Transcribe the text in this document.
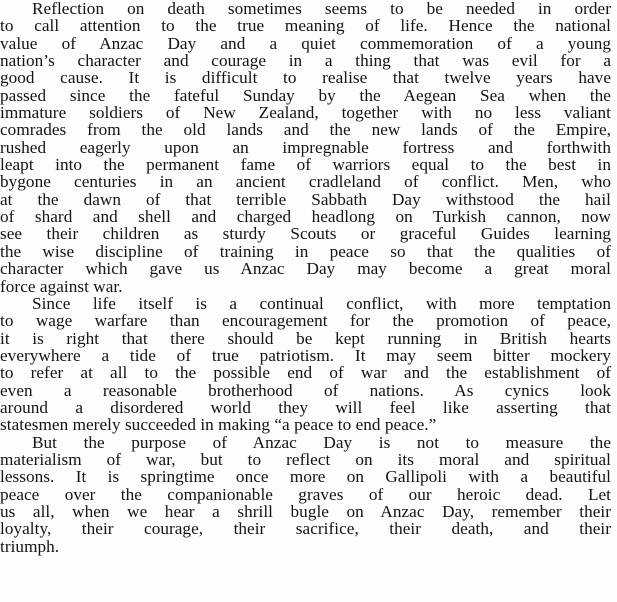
Reflection on death sometimes seems to be needed in order
to call attention to the true meaning of life. Hence the national
value of Anzac Day and a quiet commemoration of a young
nation’s character and courage in a thing that was evil for a
good cause. It is difficult to realise that twelve years have
passed since the fateful Sunday by the Aegean Sea when the
immature soldiers of New Zealand, together with no less valiant
comrades from the old lands and the new lands of the Empire,
rushed eagerly upon an impregnable fortress and forthwith
leapt into the permanent fame of warriors equal to the best in
bygone centuries in an ancient cradleland of conflict. Men, who
at the dawn of that terrible Sabbath Day withstood the hail
of shard and shell and charged headlong on Turkish cannon, now
see their children as sturdy Scouts or graceful Guides learning
the wise discipline of training in peace so that the qualities of
character which gave us Anzac Day may become a great moral
force against war.

Since life itself is a continual conflict, with more temptation
to wage warfare than encouragement for the promotion of peace,
it is right that there should be kept running in British hearts
everywhere a tide of true patriotism. It may seem bitter mockery
to refer at all to the possible end of war and the establishment of
even a reasonable brotherhood of nations. As cynics look
around a disordered world they will feel like asserting that
statesmen merely succeeded in making “a peace to end peace.”

But the purpose of Anzac Day is not to measure the
materialism of war, but to reflect on its moral and spiritual
lessons. It is springtime once more on Gallipoli with a beautiful
peace over the companionable graves of our heroic dead. Let
us all, when we hear a shrill bugle on Anzac Day, remember their
loyalty, their courage, their sacrifice, their death, and their
triumph.
